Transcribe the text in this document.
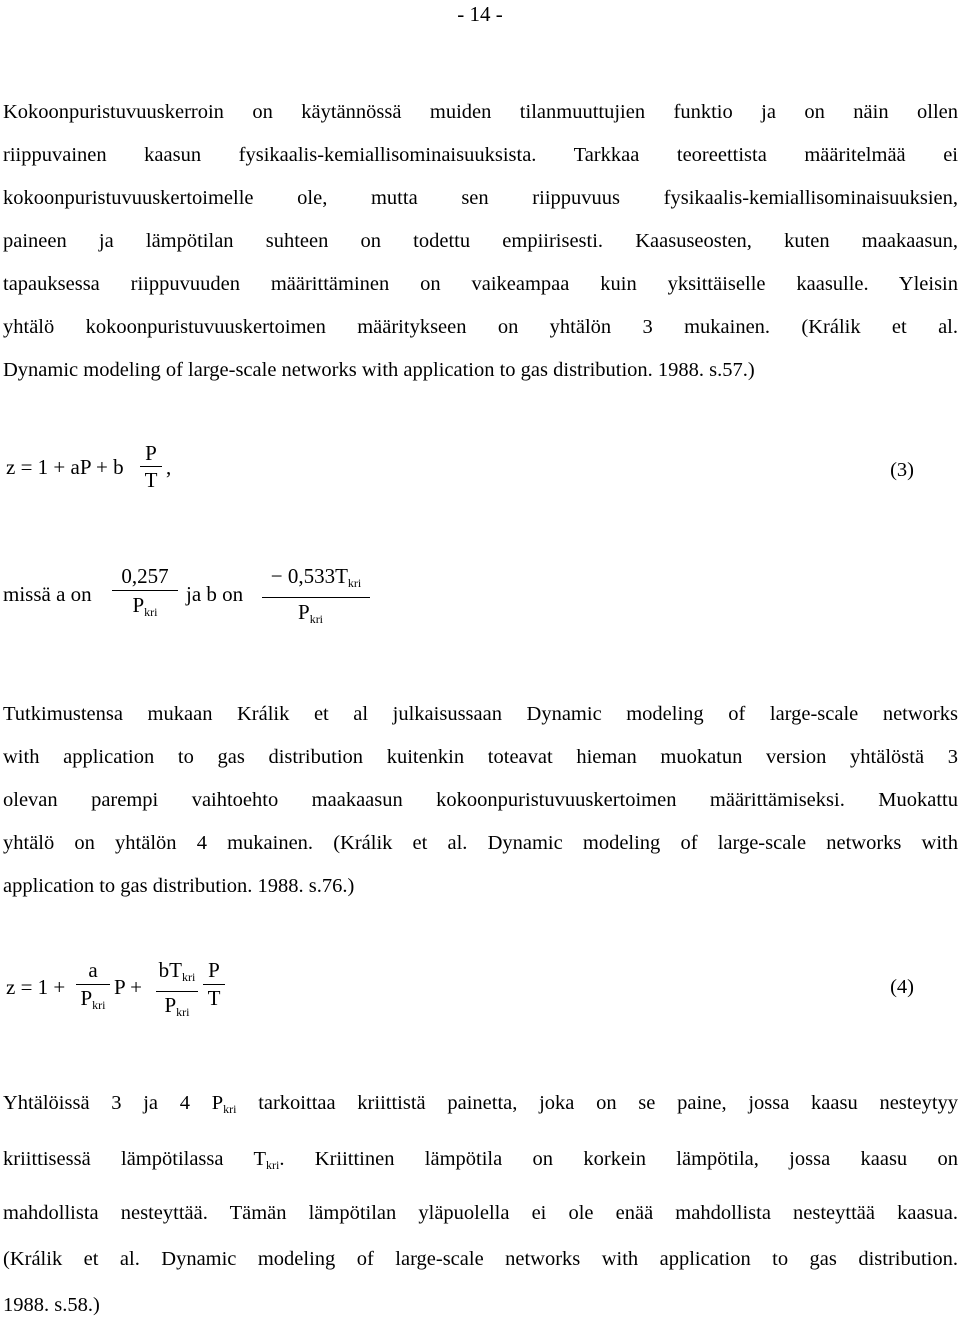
- 14 -
Kokoonpuristuvuuskerroin on käytännössä muiden tilanmuuttujien funktio ja on näin ollen
riippuvainen kaasun fysikaalis-kemiallisominaisuuksista. Tarkkaa teoreettista määritelmää ei
kokoonpuristuvuuskertoimelle ole, mutta sen riippuvuus fysikaalis-kemiallisominaisuuksien,
paineen ja lämpötilan suhteen on todettu empiirisesti. Kaasuseosten, kuten maakaasun,
tapauksessa riippuvuuden määrittäminen on vaikeampaa kuin yksittäiselle kaasulle. Yleisin
yhtälö kokoonpuristuvuuskertoimen määritykseen on yhtälön 3 mukainen. (Králik et al.
Dynamic modeling of large-scale networks with application to gas distribution. 1988. s.57.)
z = 1 + aP + b
P
T
,	(3)
missä a on
0,257
$P_{kri}$
ja b on
− $0,533T_{kri}$
$P_{kri}$
Tutkimustensa mukaan Králik et al julkaisussaan Dynamic modeling of large-scale networks
with application to gas distribution kuitenkin toteavat hieman muokatun version yhtälöstä 3
olevan parempi vaihtoehto maakaasun kokoonpuristuvuuskertoimen määrittämiseksi. Muokattu
yhtälö on yhtälön 4 mukainen. (Králik et al. Dynamic modeling of large-scale networks with
application to gas distribution. 1988. s.76.)
z = 1 +
a
$P_{kri}$
P +
$bT_{kri}$
$P_{kri}$
P
T	(4)
Yhtälöissä 3 ja 4 $P_{kri}$ tarkoittaa kriittistä painetta, joka on se paine, jossa kaasu nesteytyy
kriittisessä lämpötilassa $T_{kri}$. Kriittinen lämpötila on korkein lämpötila, jossa kaasu on
mahdollista nesteyttää. Tämän lämpötilan yläpuolella ei ole enää mahdollista nesteyttää kaasua.
(Králik et al. Dynamic modeling of large-scale networks with application to gas distribution.
1988. s.58.)
